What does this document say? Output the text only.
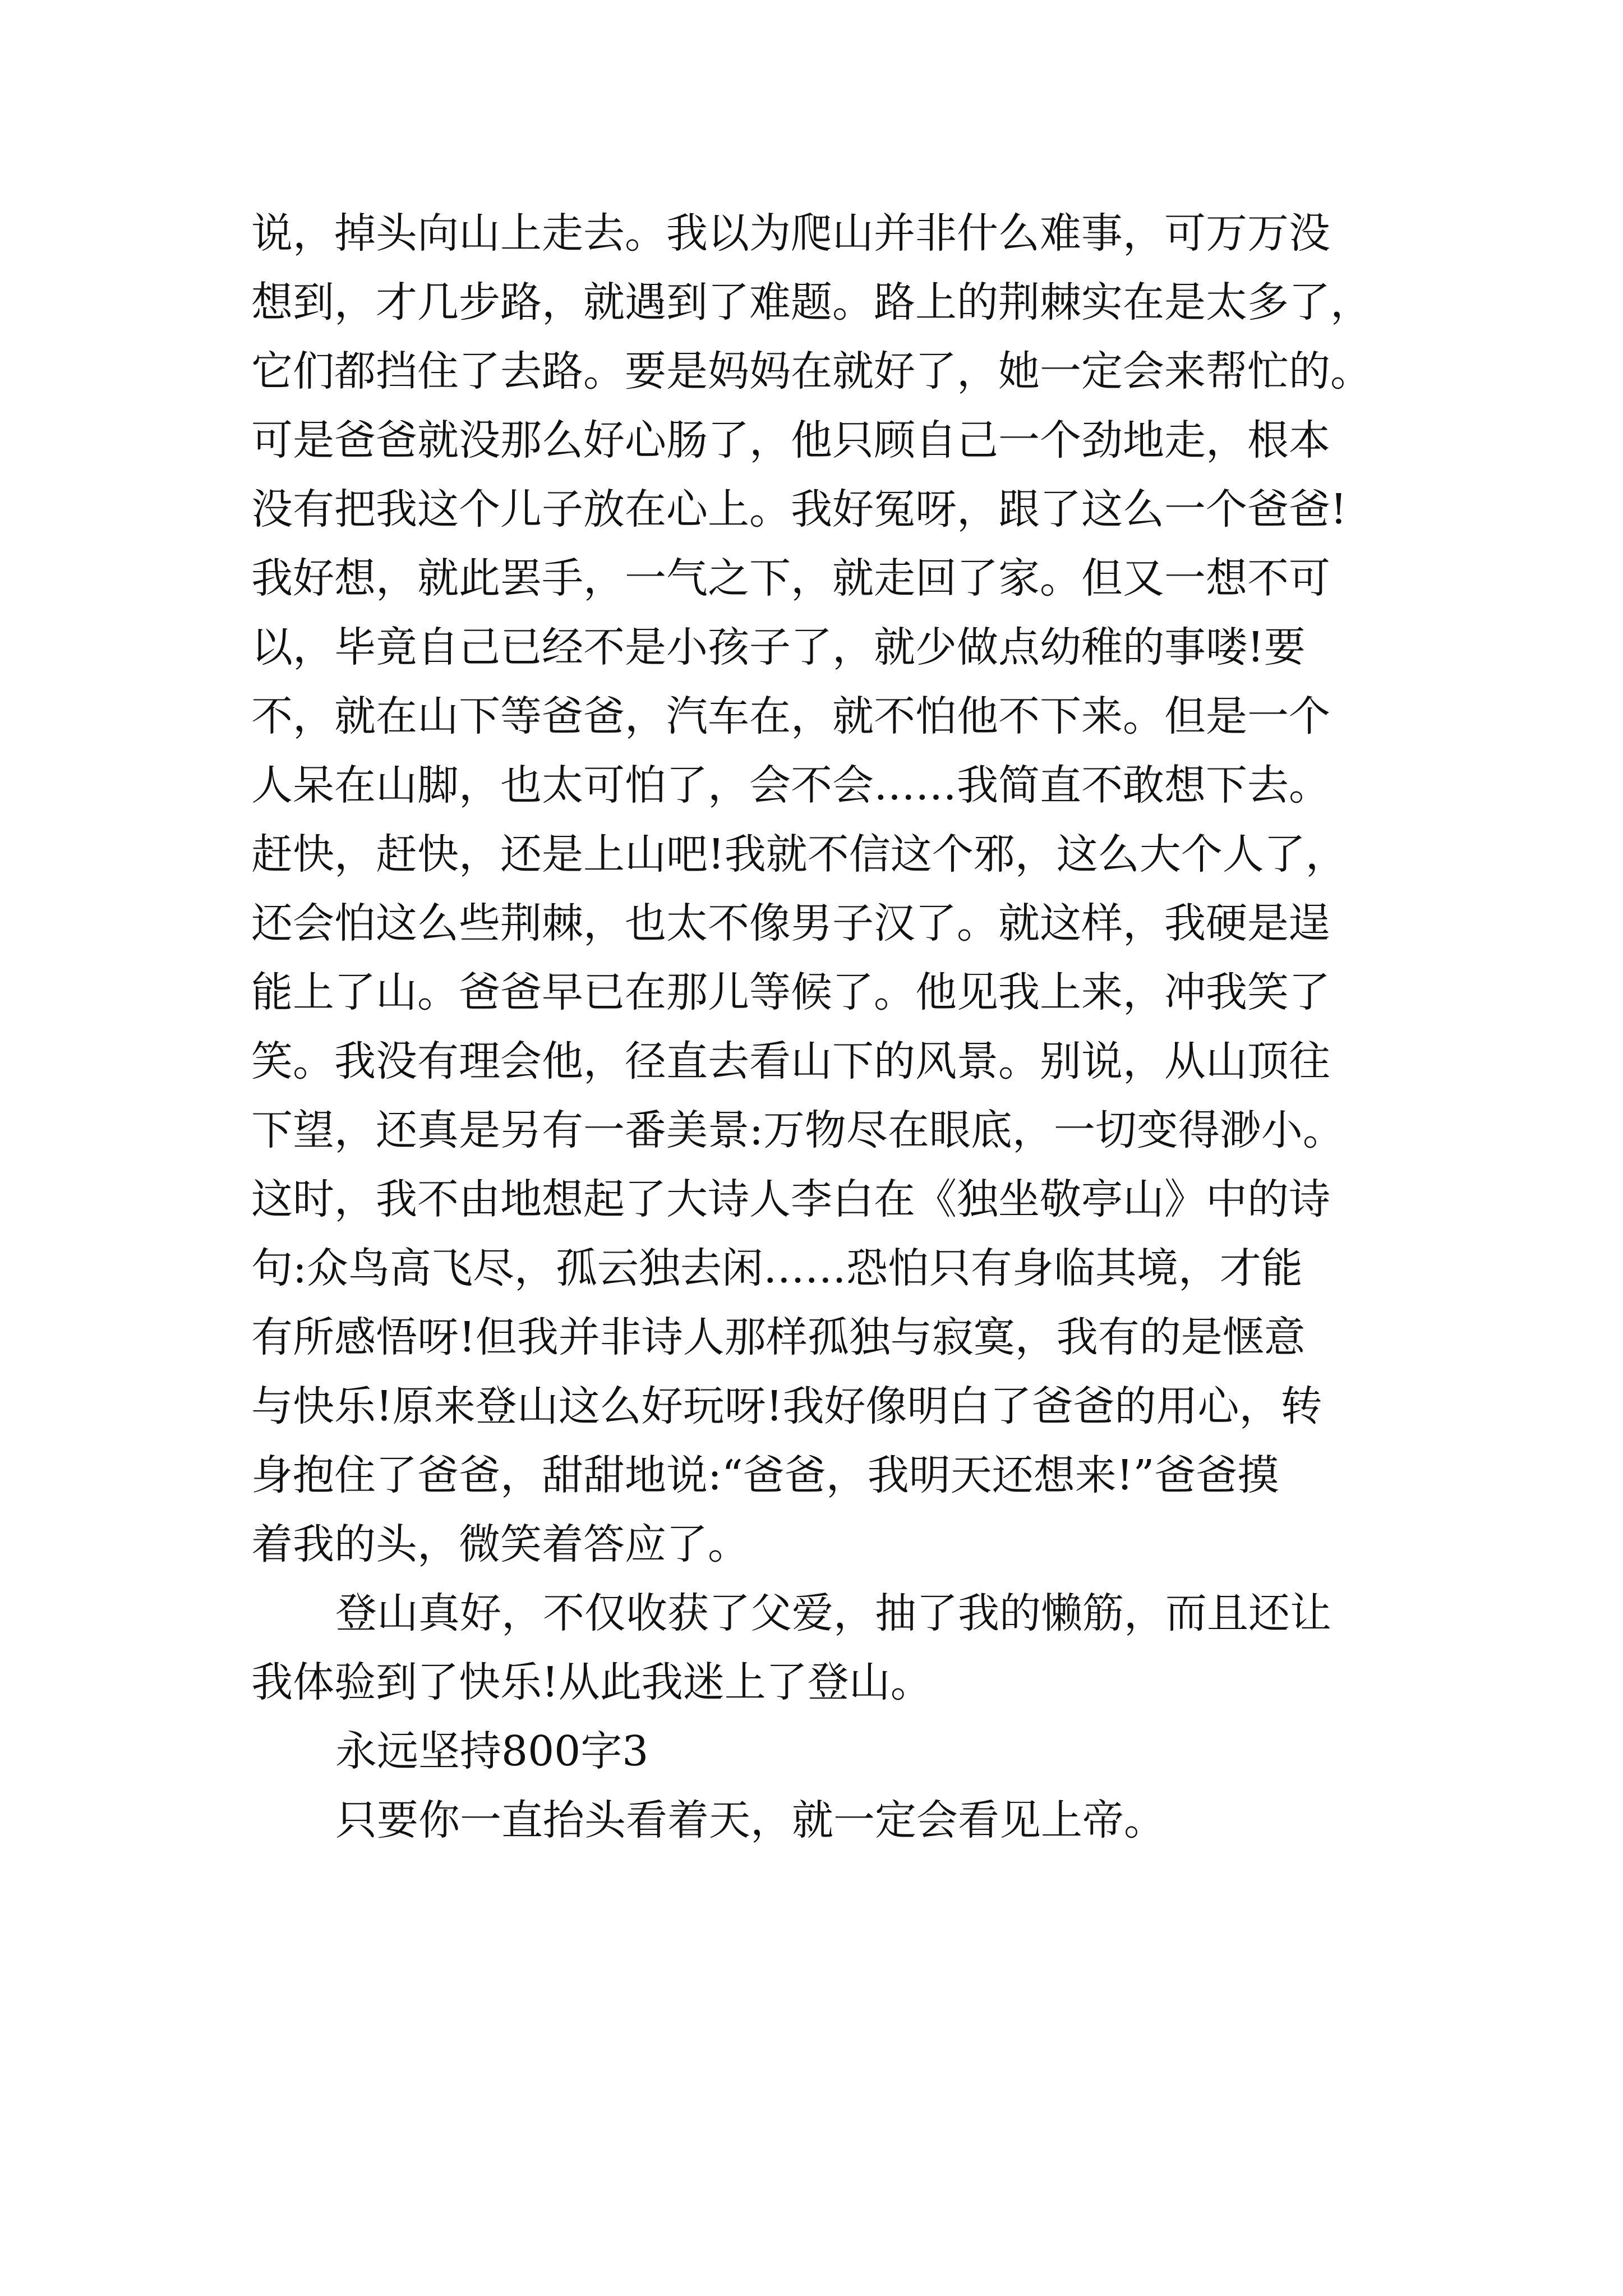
说，掉头向山上走去。我以为爬山并非什么难事，可万万没
想到，才几步路，就遇到了难题。路上的荆棘实在是太多了，
它们都挡住了去路。要是妈妈在就好了，她一定会来帮忙的。
可是爸爸就没那么好心肠了，他只顾自己一个劲地走，根本
没有把我这个儿子放在心上。我好冤呀，跟了这么一个爸爸!
我好想，就此罢手，一气之下，就走回了家。但又一想不可
以，毕竟自己已经不是小孩子了，就少做点幼稚的事喽!要
不，就在山下等爸爸，汽车在，就不怕他不下来。但是一个
人呆在山脚，也太可怕了，会不会……我简直不敢想下去。
赶快，赶快，还是上山吧!我就不信这个邪，这么大个人了，
还会怕这么些荆棘，也太不像男子汉了。就这样，我硬是逞
能上了山。爸爸早已在那儿等候了。他见我上来，冲我笑了
笑。我没有理会他，径直去看山下的风景。别说，从山顶往
下望，还真是另有一番美景:万物尽在眼底，一切变得渺小。
这时，我不由地想起了大诗人李白在《独坐敬亭山》中的诗
句:众鸟高飞尽，孤云独去闲……恐怕只有身临其境，才能
有所感悟呀!但我并非诗人那样孤独与寂寞，我有的是惬意
与快乐!原来登山这么好玩呀!我好像明白了爸爸的用心，转
身抱住了爸爸，甜甜地说:“爸爸，我明天还想来!”爸爸摸
着我的头，微笑着答应了。
登山真好，不仅收获了父爱，抽了我的懒筋，而且还让
我体验到了快乐!从此我迷上了登山。
永远坚持800字3
只要你一直抬头看着天，就一定会看见上帝。
